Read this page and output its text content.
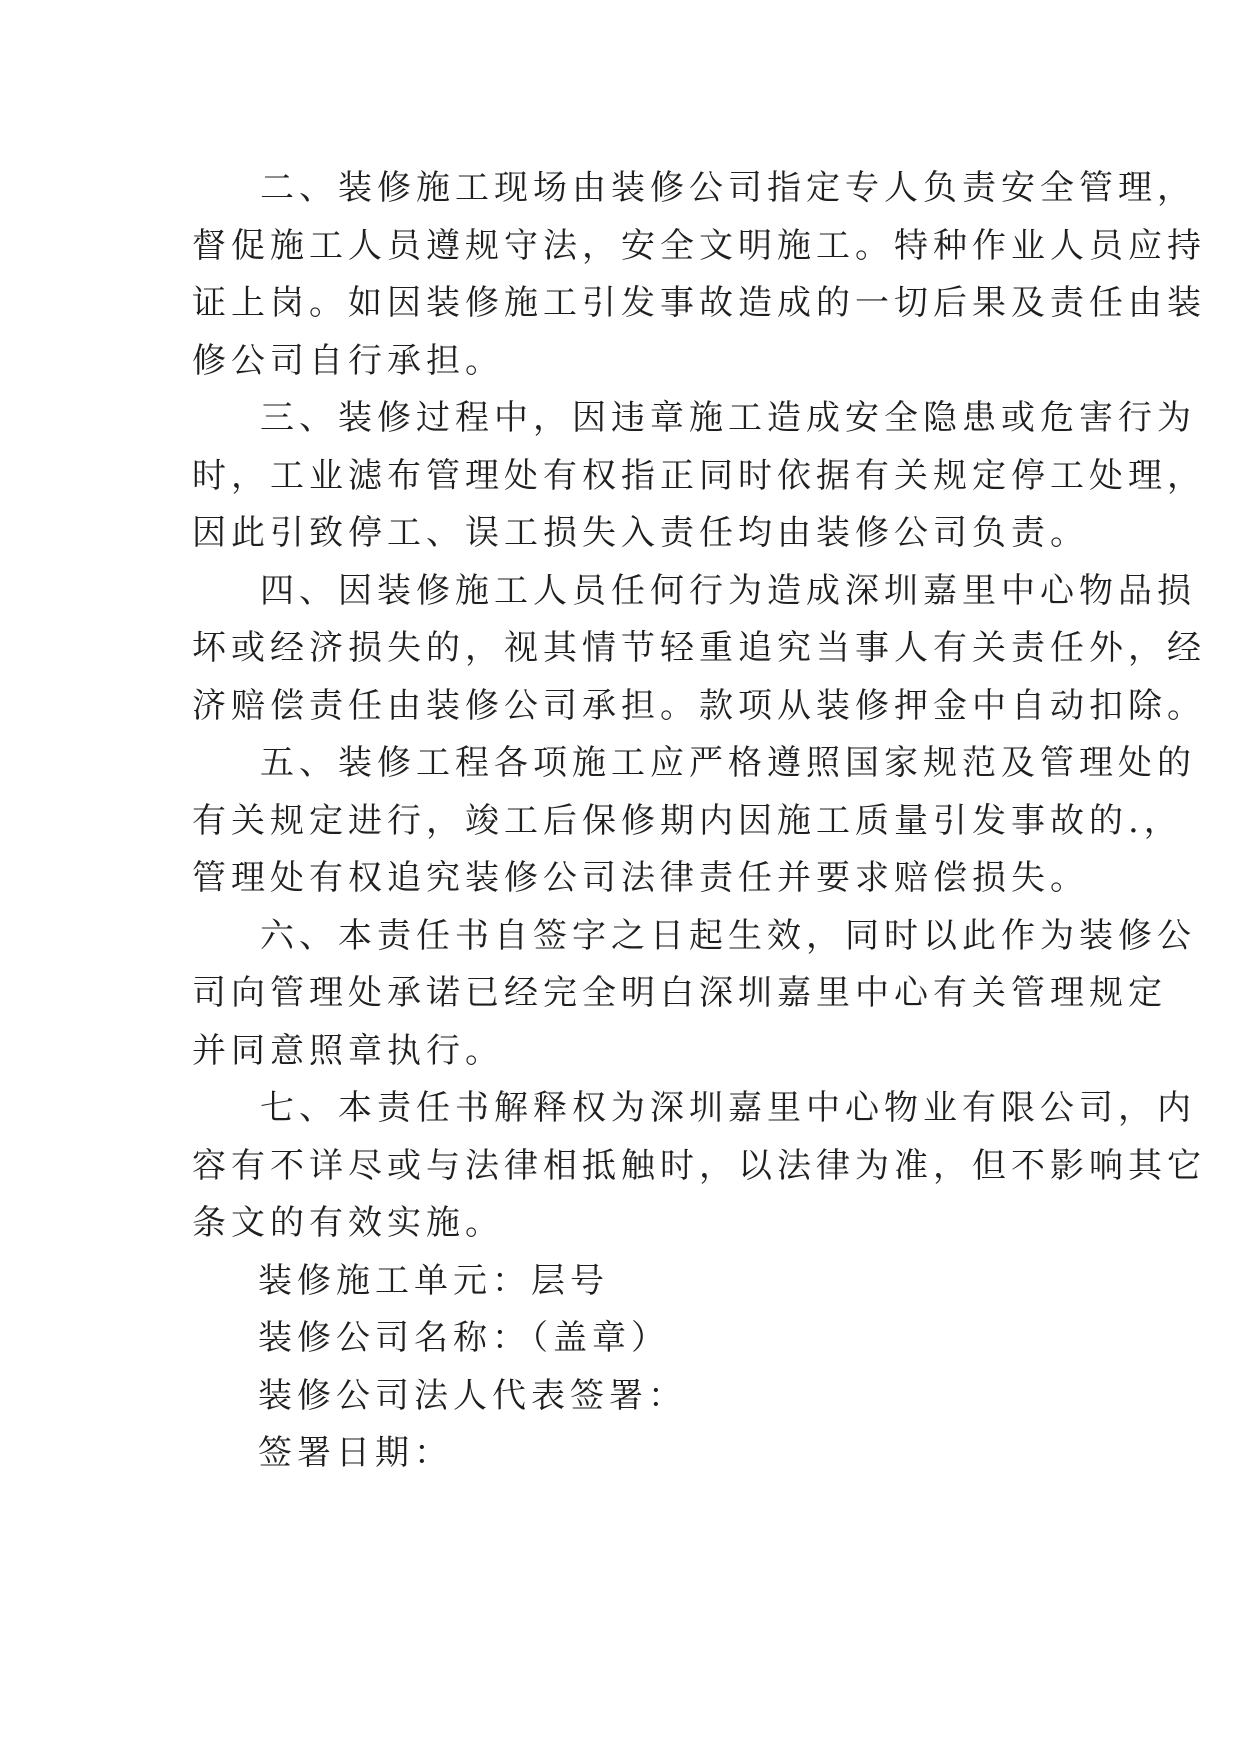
二、装修施工现场由装修公司指定专人负责安全管理，
督促施工人员遵规守法，安全文明施工。特种作业人员应持
证上岗。如因装修施工引发事故造成的一切后果及责任由装
修公司自行承担。

三、装修过程中，因违章施工造成安全隐患或危害行为
时，工业滤布管理处有权指正同时依据有关规定停工处理，
因此引致停工、误工损失入责任均由装修公司负责。

四、因装修施工人员任何行为造成深圳嘉里中心物品损
坏或经济损失的，视其情节轻重追究当事人有关责任外，经
济赔偿责任由装修公司承担。款项从装修押金中自动扣除。

五、装修工程各项施工应严格遵照国家规范及管理处的
有关规定进行，竣工后保修期内因施工质量引发事故的.，
管理处有权追究装修公司法律责任并要求赔偿损失。

六、本责任书自签字之日起生效，同时以此作为装修公
司向管理处承诺已经完全明白深圳嘉里中心有关管理规定
并同意照章执行。

七、本责任书解释权为深圳嘉里中心物业有限公司，内
容有不详尽或与法律相抵触时，以法律为准，但不影响其它
条文的有效实施。

装修施工单元：层号

装修公司名称：（盖章）

装修公司法人代表签署：

签署日期：
